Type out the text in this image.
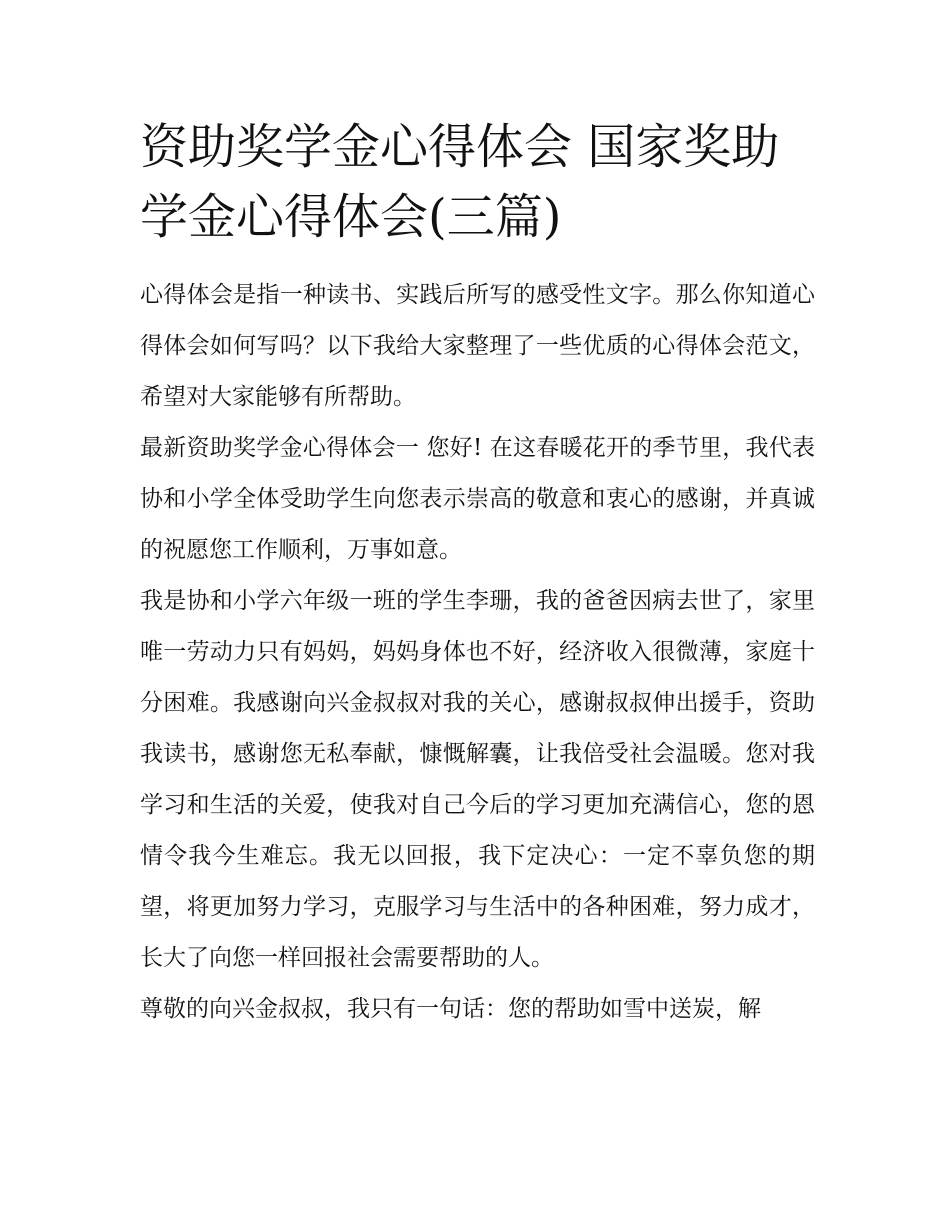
资助奖学金心得体会 国家奖助学金心得体会(三篇)

心得体会是指一种读书、实践后所写的感受性文字。那么你知道心得体会如何写吗？以下我给大家整理了一些优质的心得体会范文，希望对大家能够有所帮助。

最新资助奖学金心得体会一 您好! 在这春暖花开的季节里，我代表协和小学全体受助学生向您表示崇高的敬意和衷心的感谢，并真诚的祝愿您工作顺利，万事如意。

我是协和小学六年级一班的学生李珊，我的爸爸因病去世了，家里唯一劳动力只有妈妈，妈妈身体也不好，经济收入很微薄，家庭十分困难。我感谢向兴金叔叔对我的关心，感谢叔叔伸出援手，资助我读书，感谢您无私奉献，慷慨解囊，让我倍受社会温暖。您对我学习和生活的关爱，使我对自己今后的学习更加充满信心，您的恩情令我今生难忘。我无以回报，我下定决心：一定不辜负您的期望，将更加努力学习，克服学习与生活中的各种困难，努力成才，长大了向您一样回报社会需要帮助的人。

尊敬的向兴金叔叔，我只有一句话：您的帮助如雪中送炭，解
